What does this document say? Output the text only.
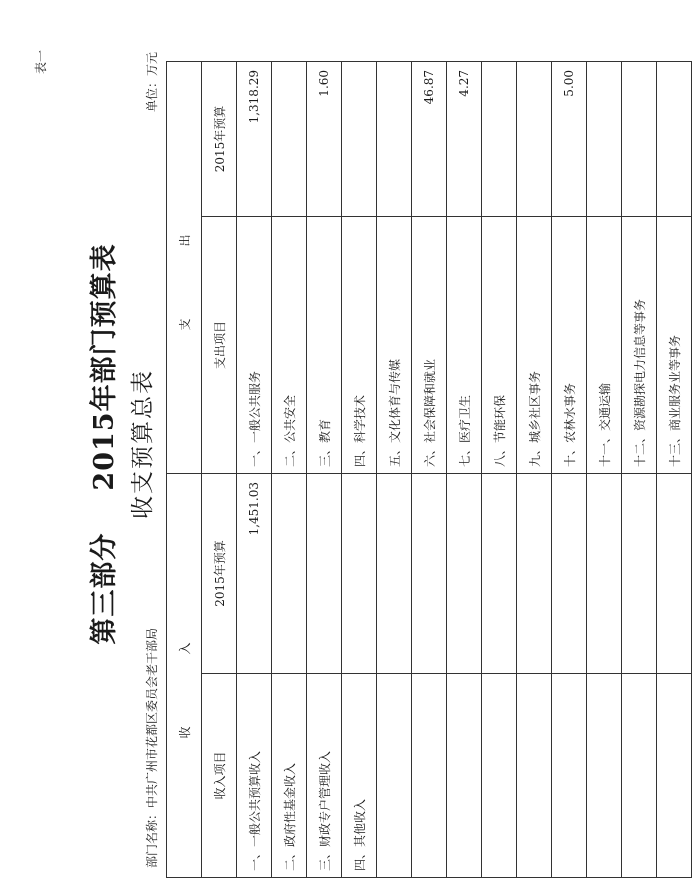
表一
第三部分2015年部门预算表 收支预算总表
部门名称：中共广州市花都区委员会老干部局
单位：万元
收　入		支　出	
收入项目	2015年预算	支出项目	2015年预算
一、一般公共预算收入	1,451.03	一、一般公共服务	1,318.29
二、政府性基金收入		二、公共安全	
三、财政专户管理收入		三、教育	1.60
四、其他收入		四、科学技术	
		五、文化体育与传媒	
		六、社会保障和就业	46.87
		七、医疗卫生	4.27
		八、节能环保	
		九、城乡社区事务	
		十、农林水事务	5.00
		十一、交通运输	
		十二、资源勘探电力信息等事务	
		十三、商业服务业等事务	
